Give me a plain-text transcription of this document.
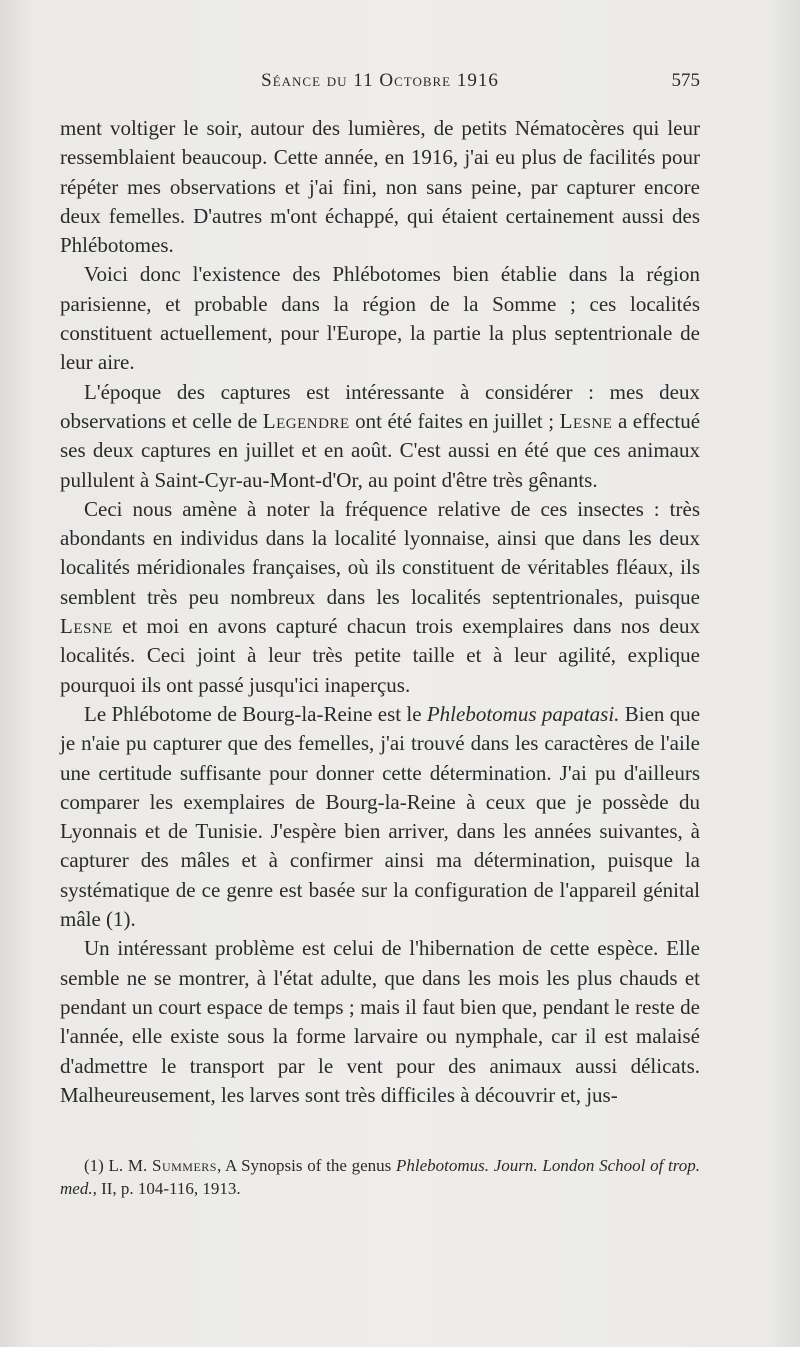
Séance du 11 Octobre 1916	575

ment voltiger le soir, autour des lumières, de petits Nématocères qui leur ressemblaient beaucoup. Cette année, en 1916, j'ai eu plus de facilités pour répéter mes observations et j'ai fini, non sans peine, par capturer encore deux femelles. D'autres m'ont échappé, qui étaient certainement aussi des Phlébotomes.

Voici donc l'existence des Phlébotomes bien établie dans la région parisienne, et probable dans la région de la Somme ; ces localités constituent actuellement, pour l'Europe, la partie la plus septentrionale de leur aire.

L'époque des captures est intéressante à considérer : mes deux observations et celle de Legendre ont été faites en juillet ; Lesne a effectué ses deux captures en juillet et en août. C'est aussi en été que ces animaux pullulent à Saint-Cyr-au-Mont-d'Or, au point d'être très gênants.

Ceci nous amène à noter la fréquence relative de ces insectes : très abondants en individus dans la localité lyonnaise, ainsi que dans les deux localités méridionales françaises, où ils constituent de véritables fléaux, ils semblent très peu nombreux dans les localités septentrionales, puisque Lesne et moi en avons capturé chacun trois exemplaires dans nos deux localités. Ceci joint à leur très petite taille et à leur agilité, explique pourquoi ils ont passé jusqu'ici inaperçus.

Le Phlébotome de Bourg-la-Reine est le Phlebotomus papatasi. Bien que je n'aie pu capturer que des femelles, j'ai trouvé dans les caractères de l'aile une certitude suffisante pour donner cette détermination. J'ai pu d'ailleurs comparer les exemplaires de Bourg-la-Reine à ceux que je possède du Lyonnais et de Tunisie. J'espère bien arriver, dans les années suivantes, à capturer des mâles et à confirmer ainsi ma détermination, puisque la systématique de ce genre est basée sur la configuration de l'appareil génital mâle (1).

Un intéressant problème est celui de l'hibernation de cette espèce. Elle semble ne se montrer, à l'état adulte, que dans les mois les plus chauds et pendant un court espace de temps ; mais il faut bien que, pendant le reste de l'année, elle existe sous la forme larvaire ou nymphale, car il est malaisé d'admettre le transport par le vent pour des animaux aussi délicats. Malheureusement, les larves sont très difficiles à découvrir et, jus-

(1) L. M. Summers, A Synopsis of the genus Phlebotomus. Journ. London School of trop. med., II, p. 104-116, 1913.
